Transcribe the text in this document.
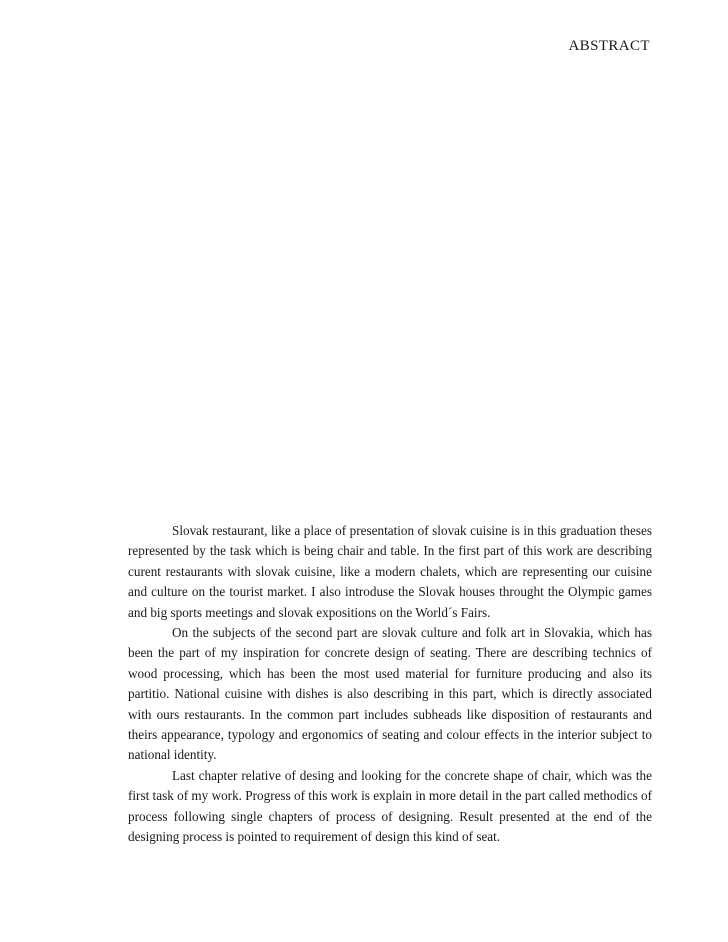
ABSTRACT

Slovak restaurant, like a place of presentation of slovak cuisine is in this graduation theses represented by the task which is being chair and table. In the first part of this work are describing curent restaurants with slovak cuisine, like a modern chalets, which are representing our cuisine and culture on the tourist market. I also introduse the Slovak houses throught the Olympic games and big sports meetings and slovak expositions on the World´s Fairs.

On the subjects of the second part are slovak culture and folk art in Slovakia, which has been the part of my inspiration for concrete design of seating. There are describing technics of wood processing, which has been the most used material for furniture producing and also its partitio. National cuisine with dishes is also describing in this part, which is directly associated with ours restaurants. In the common part includes subheads like disposition of restaurants and theirs appearance, typology and ergonomics of seating and colour effects in the interior subject to national identity.

Last chapter relative of desing and looking for the concrete shape of chair, which was the first task of my work. Progress of this work is explain in more detail in the part called methodics of process following single chapters of process of designing. Result presented at the end of the designing process is pointed to requirement of design this kind of seat.
